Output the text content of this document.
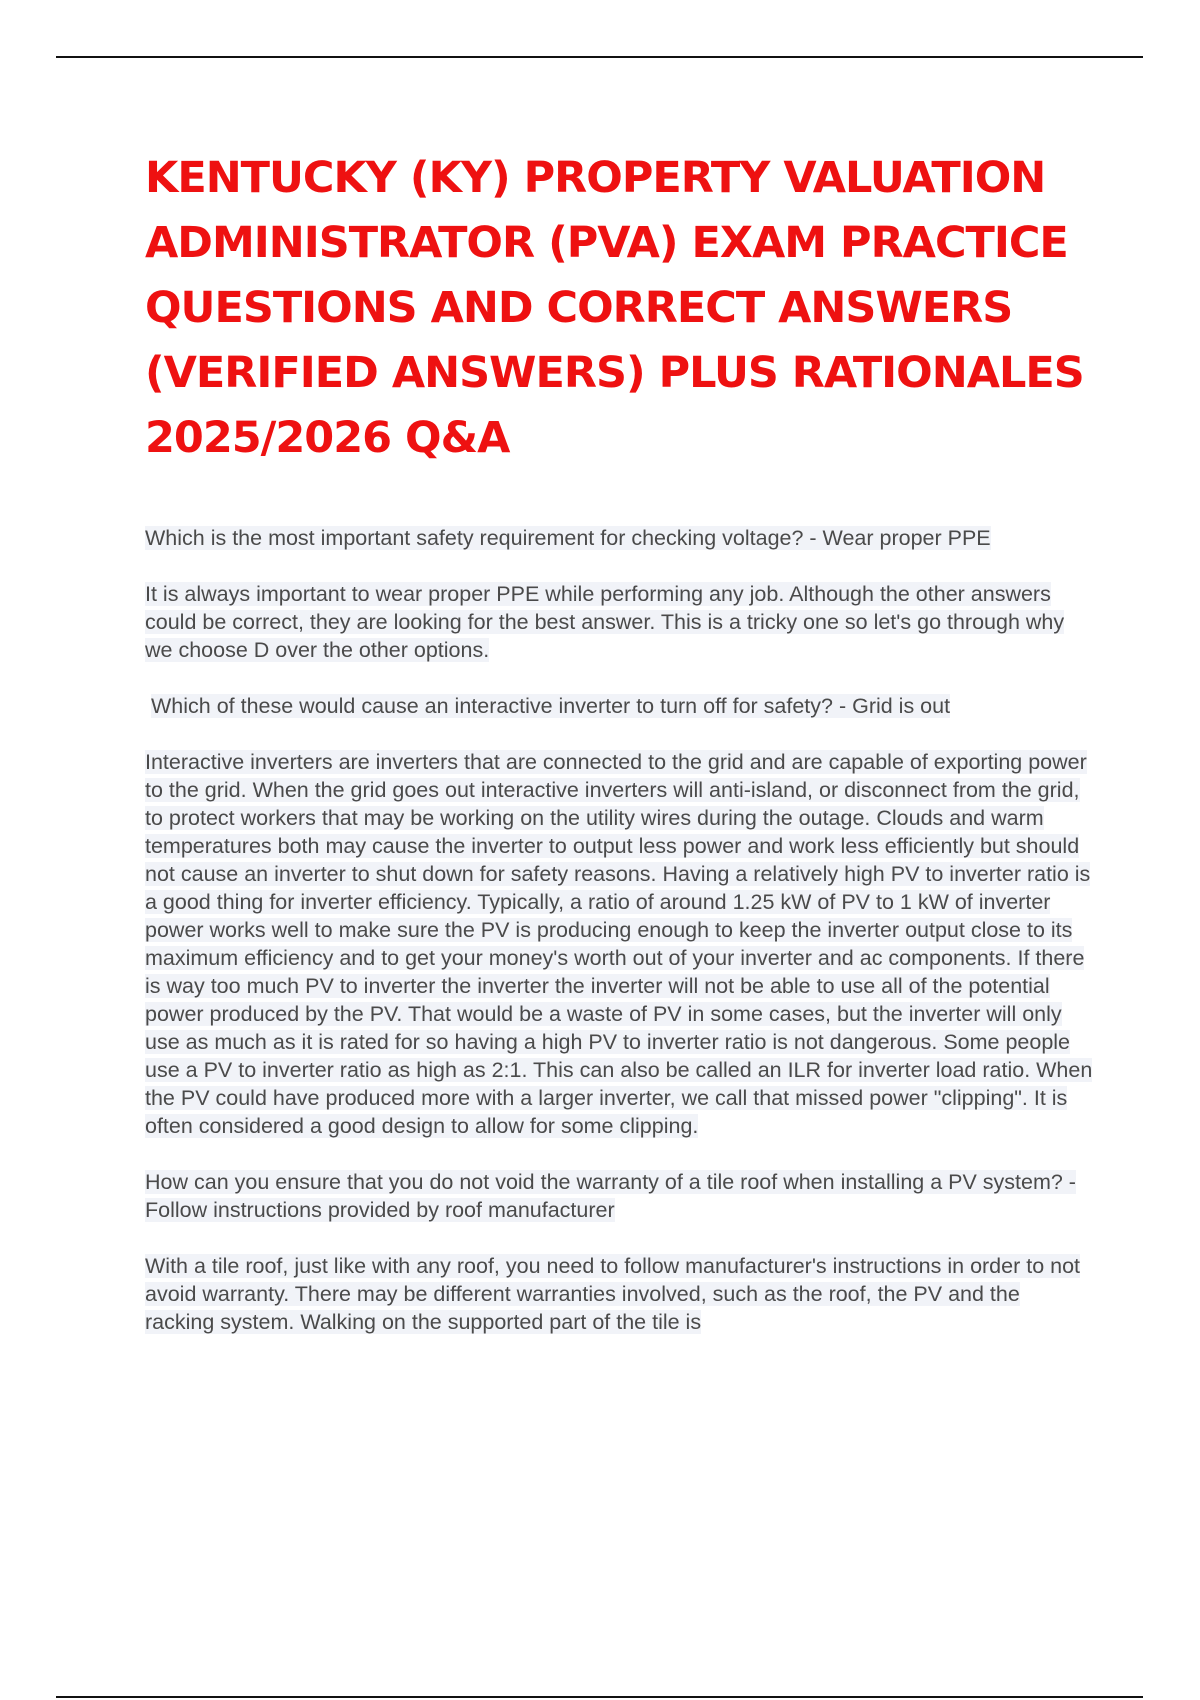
KENTUCKY (KY) PROPERTY VALUATION ADMINISTRATOR (PVA) EXAM PRACTICE QUESTIONS AND CORRECT ANSWERS (VERIFIED ANSWERS) PLUS RATIONALES 2025/2026 Q&A

Which is the most important safety requirement for checking voltage? - Wear proper PPE

It is always important to wear proper PPE while performing any job. Although the other answers could be correct, they are looking for the best answer. This is a tricky one so let's go through why we choose D over the other options.

Which of these would cause an interactive inverter to turn off for safety? - Grid is out

Interactive inverters are inverters that are connected to the grid and are capable of exporting power to the grid. When the grid goes out interactive inverters will anti-island, or disconnect from the grid, to protect workers that may be working on the utility wires during the outage. Clouds and warm temperatures both may cause the inverter to output less power and work less efficiently but should not cause an inverter to shut down for safety reasons. Having a relatively high PV to inverter ratio is a good thing for inverter efficiency. Typically, a ratio of around 1.25 kW of PV to 1 kW of inverter power works well to make sure the PV is producing enough to keep the inverter output close to its maximum efficiency and to get your money's worth out of your inverter and ac components. If there is way too much PV to inverter the inverter the inverter will not be able to use all of the potential power produced by the PV. That would be a waste of PV in some cases, but the inverter will only use as much as it is rated for so having a high PV to inverter ratio is not dangerous. Some people use a PV to inverter ratio as high as 2:1. This can also be called an ILR for inverter load ratio. When the PV could have produced more with a larger inverter, we call that missed power "clipping". It is often considered a good design to allow for some clipping.

How can you ensure that you do not void the warranty of a tile roof when installing a PV system? - Follow instructions provided by roof manufacturer

With a tile roof, just like with any roof, you need to follow manufacturer's instructions in order to not avoid warranty. There may be different warranties involved, such as the roof, the PV and the racking system. Walking on the supported part of the tile is
